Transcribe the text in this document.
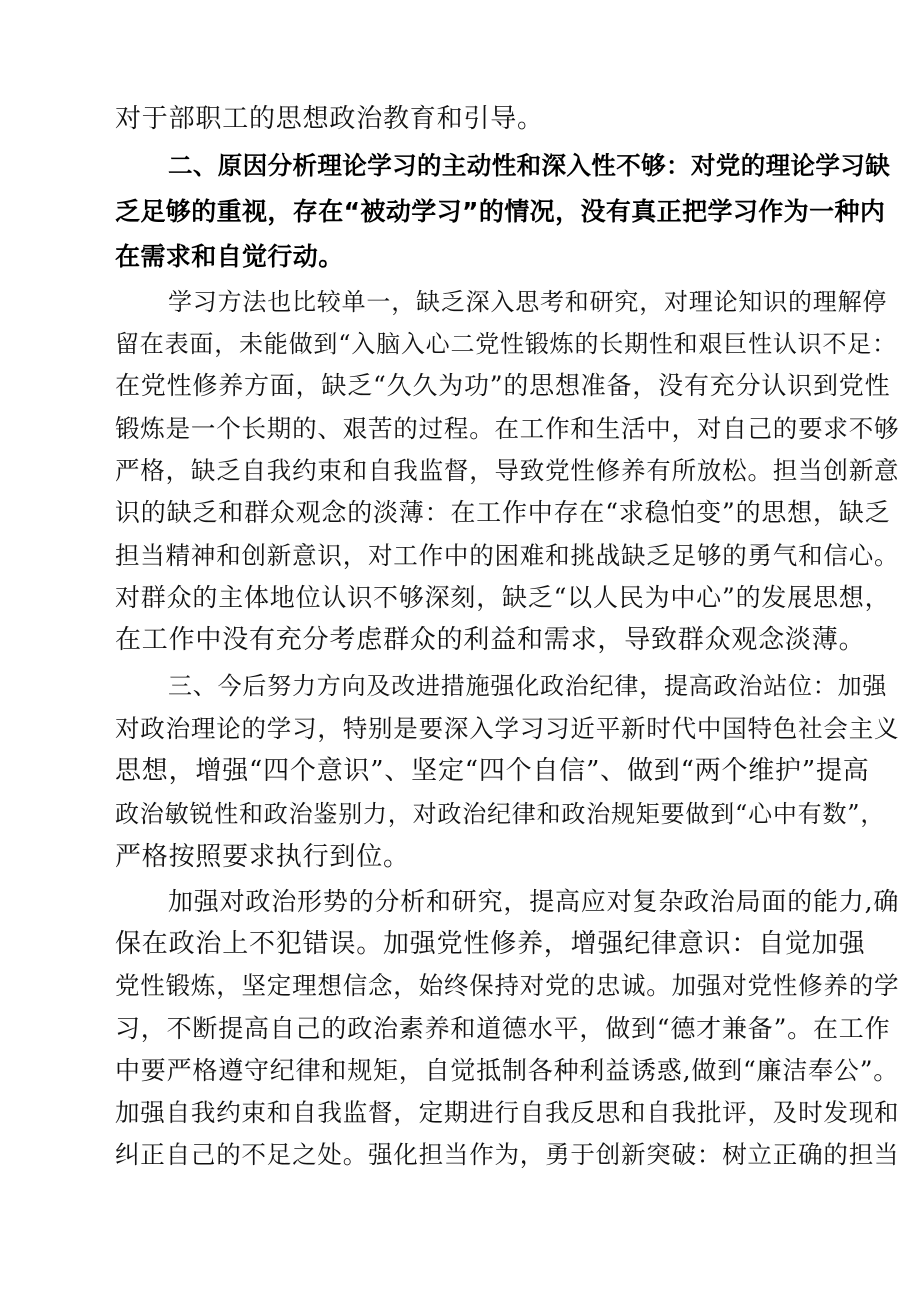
对于部职工的思想政治教育和引导。
二、原因分析理论学习的主动性和深入性不够：对党的理论学习缺
乏足够的重视，存在“被动学习”的情况，没有真正把学习作为一种内
在需求和自觉行动。
学习方法也比较单一，缺乏深入思考和研究，对理论知识的理解停
留在表面，未能做到“入脑入心二党性锻炼的长期性和艰巨性认识不足：
在党性修养方面，缺乏“久久为功”的思想准备，没有充分认识到党性
锻炼是一个长期的、艰苦的过程。在工作和生活中，对自己的要求不够
严格，缺乏自我约束和自我监督，导致党性修养有所放松。担当创新意
识的缺乏和群众观念的淡薄：在工作中存在“求稳怕变”的思想，缺乏
担当精神和创新意识，对工作中的困难和挑战缺乏足够的勇气和信心。
对群众的主体地位认识不够深刻，缺乏“以人民为中心”的发展思想，
在工作中没有充分考虑群众的利益和需求，导致群众观念淡薄。
三、今后努力方向及改进措施强化政治纪律，提高政治站位：加强
对政治理论的学习，特别是要深入学习习近平新时代中国特色社会主义
思想，增强“四个意识”、坚定“四个自信”、做到“两个维护”提高
政治敏锐性和政治鉴别力，对政治纪律和政治规矩要做到“心中有数”，
严格按照要求执行到位。
加强对政治形势的分析和研究，提高应对复杂政治局面的能力,确
保在政治上不犯错误。加强党性修养，增强纪律意识：自觉加强
党性锻炼，坚定理想信念，始终保持对党的忠诚。加强对党性修养的学
习，不断提高自己的政治素养和道德水平，做到“德才兼备”。在工作
中要严格遵守纪律和规矩，自觉抵制各种利益诱惑,做到“廉洁奉公”。
加强自我约束和自我监督，定期进行自我反思和自我批评，及时发现和
纠正自己的不足之处。强化担当作为，勇于创新突破：树立正确的担当
